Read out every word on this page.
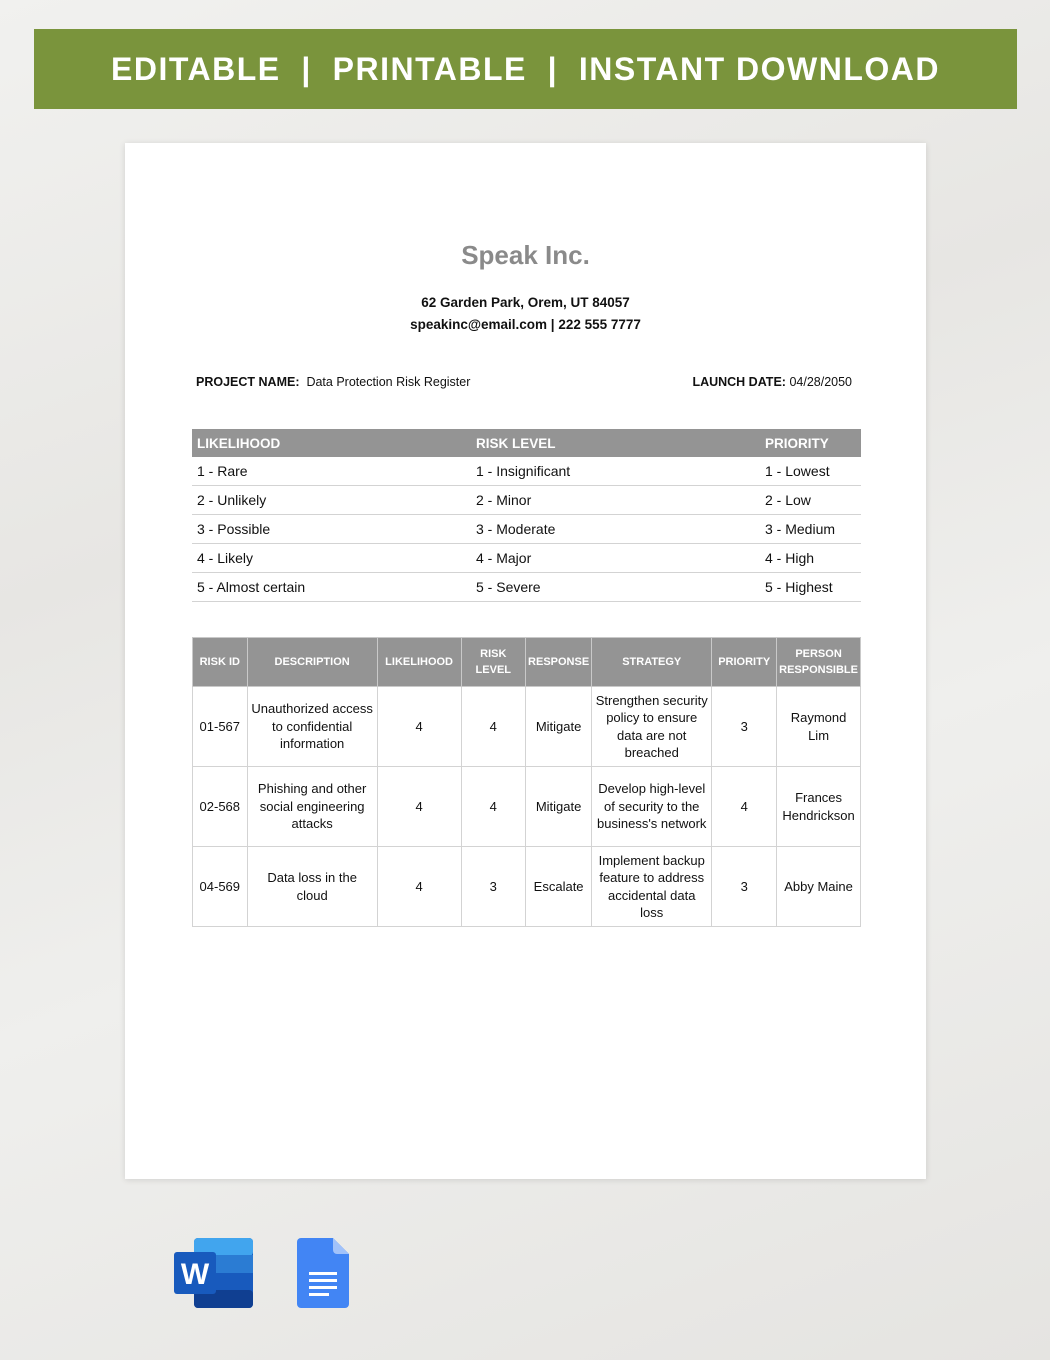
EDITABLE  |  PRINTABLE  |  INSTANT DOWNLOAD
Speak Inc.
62 Garden Park, Orem, UT 84057
speakinc@email.com | 222 555 7777
PROJECT NAME: Data Protection Risk Register	LAUNCH DATE: 04/28/2050
LIKELIHOOD	RISK LEVEL	PRIORITY
1 - Rare	1 - Insignificant	1 - Lowest
2 - Unlikely	2 - Minor	2 - Low
3 - Possible	3 - Moderate	3 - Medium
4 - Likely	4 - Major	4 - High
5 - Almost certain	5 - Severe	5 - Highest
RISK ID	DESCRIPTION	LIKELIHOOD	RISK LEVEL	RESPONSE	STRATEGY	PRIORITY	PERSON RESPONSIBLE
01-567	Unauthorized access to confidential information	4	4	Mitigate	Strengthen security policy to ensure data are not breached	3	Raymond Lim
02-568	Phishing and other social engineering attacks	4	4	Mitigate	Develop high-level of security to the business's network	4	Frances Hendrickson
04-569	Data loss in the cloud	4	3	Escalate	Implement backup feature to address accidental data loss	3	Abby Maine
W
